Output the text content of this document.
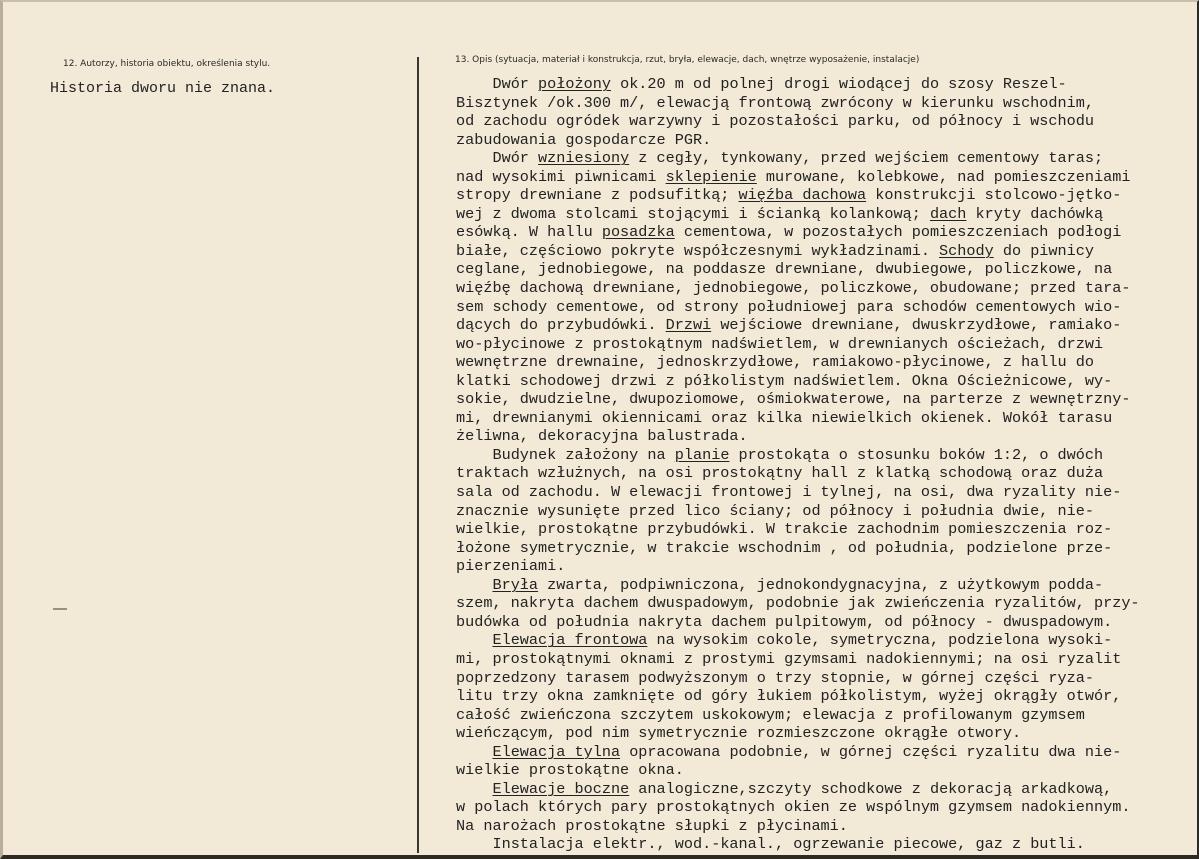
12. Autorzy, historia obiektu, określenia stylu.
Historia dworu nie znana.
13. Opis (sytuacja, materiał i konstrukcja, rzut, bryła, elewacje, dach, wnętrze wyposażenie, instalacje)
Dwór położony ok.20 m od polnej drogi wiodącej do szosy Reszel-
Bisztynek /ok.300 m/, elewacją frontową zwrócony w kierunku wschodnim,
od zachodu ogródek warzywny i pozostałości parku, od północy i wschodu
zabudowania gospodarcze PGR.
Dwór wzniesiony z cegły, tynkowany, przed wejściem cementowy taras;
nad wysokimi piwnicami sklepienie murowane, kolebkowe, nad pomieszczeniami
stropy drewniane z podsufitką; więźba dachowa konstrukcji stolcowo-jętko-
wej z dwoma stolcami stojącymi i ścianką kolankową; dach kryty dachówką
esówką. W hallu posadzka cementowa, w pozostałych pomieszczeniach podłogi
białe, częściowo pokryte współczesnymi wykładzinami. Schody do piwnicy
ceglane, jednobiegowe, na poddasze drewniane, dwubiegowe, policzkowe, na
więźbę dachową drewniane, jednobiegowe, policzkowe, obudowane; przed tara-
sem schody cementowe, od strony południowej para schodów cementowych wio-
dących do przybudówki. Drzwi wejściowe drewniane, dwuskrzydłowe, ramiako-
wo-płycinowe z prostokątnym nadświetlem, w drewnianych ościeżach, drzwi
wewnętrzne drewnaine, jednoskrzydłowe, ramiakowo-płycinowe, z hallu do
klatki schodowej drzwi z półkolistym nadświetlem. Okna Ościeżnicowe, wy-
sokie, dwudzielne, dwupoziomowe, ośmiokwaterowe, na parterze z wewnętrzny-
mi, drewnianymi okiennicami oraz kilka niewielkich okienek. Wokół tarasu
żeliwna, dekoracyjna balustrada.
Budynek założony na planie prostokąta o stosunku boków 1:2, o dwóch
traktach wzłużnych, na osi prostokątny hall z klatką schodową oraz duża
sala od zachodu. W elewacji frontowej i tylnej, na osi, dwa ryzality nie-
znacznie wysunięte przed lico ściany; od północy i południa dwie, nie-
wielkie, prostokątne przybudówki. W trakcie zachodnim pomieszczenia roz-
łożone symetrycznie, w trakcie wschodnim , od południa, podzielone prze-
pierzeniami.
Bryła zwarta, podpiwniczona, jednokondygnacyjna, z użytkowym podda-
szem, nakryta dachem dwuspadowym, podobnie jak zwieńczenia ryzalitów, przy-
budówka od południa nakryta dachem pulpitowym, od północy - dwuspadowym.
Elewacja frontowa na wysokim cokole, symetryczna, podzielona wysoki-
mi, prostokątnymi oknami z prostymi gzymsami nadokiennymi; na osi ryzalit
poprzedzony tarasem podwyższonym o trzy stopnie, w górnej części ryza-
litu trzy okna zamknięte od góry łukiem półkolistym, wyżej okrągły otwór,
całość zwieńczona szczytem uskokowym; elewacja z profilowanym gzymsem
wieńczącym, pod nim symetrycznie rozmieszczone okrągłe otwory.
Elewacja tylna opracowana podobnie, w górnej części ryzalitu dwa nie-
wielkie prostokątne okna.
Elewacje boczne analogiczne,szczyty schodkowe z dekoracją arkadkową,
w polach których pary prostokątnych okien ze wspólnym gzymsem nadokiennym.
Na narożach prostokątne słupki z płycinami.
Instalacja elektr., wod.-kanal., ogrzewanie piecowe, gaz z butli.
